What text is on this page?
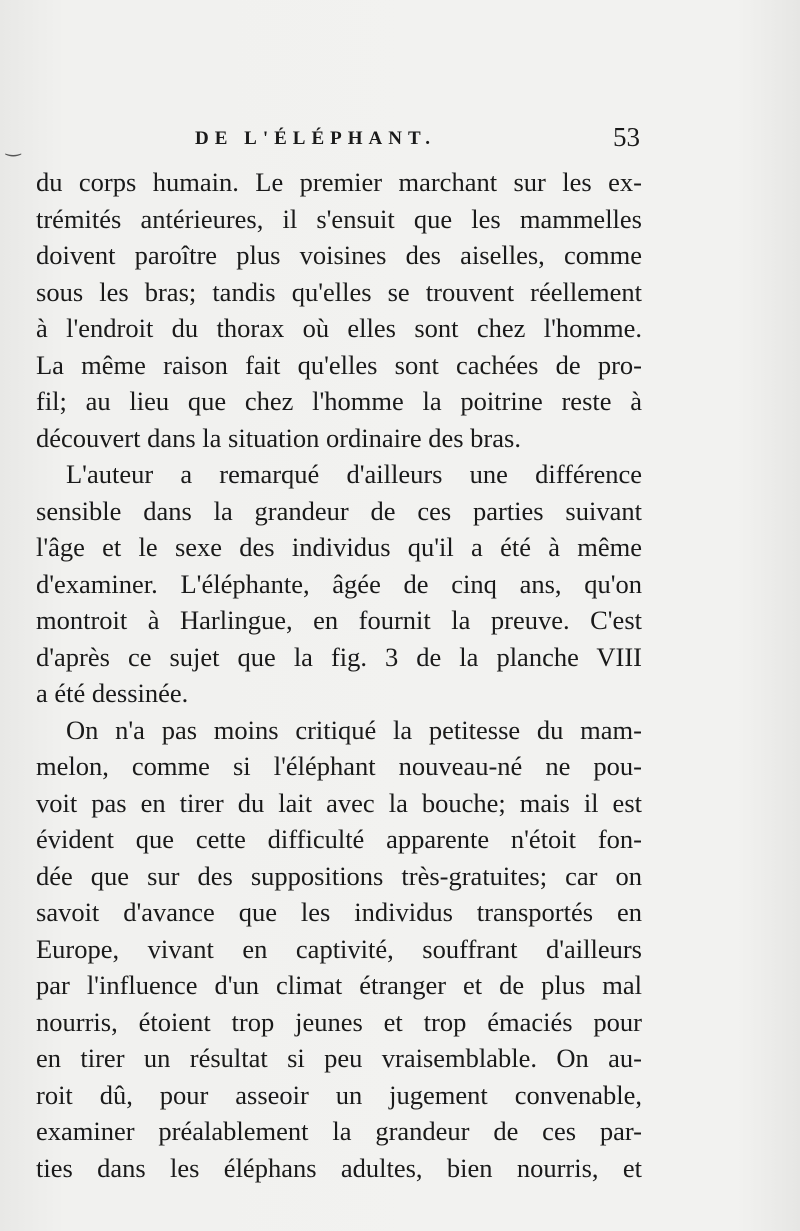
DE L'ÉLÉPHANT.	53
‿
du corps humain. Le premier marchant sur les ex-
trémités antérieures, il s'ensuit que les mammelles
doivent paroître plus voisines des aiselles, comme
sous les bras; tandis qu'elles se trouvent réellement
à l'endroit du thorax où elles sont chez l'homme.
La même raison fait qu'elles sont cachées de pro-
fil; au lieu que chez l'homme la poitrine reste à
découvert dans la situation ordinaire des bras.
L'auteur a remarqué d'ailleurs une différence
sensible dans la grandeur de ces parties suivant
l'âge et le sexe des individus qu'il a été à même
d'examiner. L'éléphante, âgée de cinq ans, qu'on
montroit à Harlingue, en fournit la preuve. C'est
d'après ce sujet que la fig. 3 de la planche VIII
a été dessinée.
On n'a pas moins critiqué la petitesse du mam-
melon, comme si l'éléphant nouveau-né ne pou-
voit pas en tirer du lait avec la bouche; mais il est
évident que cette difficulté apparente n'étoit fon-
dée que sur des suppositions très-gratuites; car on
savoit d'avance que les individus transportés en
Europe, vivant en captivité, souffrant d'ailleurs
par l'influence d'un climat étranger et de plus mal
nourris, étoient trop jeunes et trop émaciés pour
en tirer un résultat si peu vraisemblable. On au-
roit dû, pour asseoir un jugement convenable,
examiner préalablement la grandeur de ces par-
ties dans les éléphans adultes, bien nourris, et
